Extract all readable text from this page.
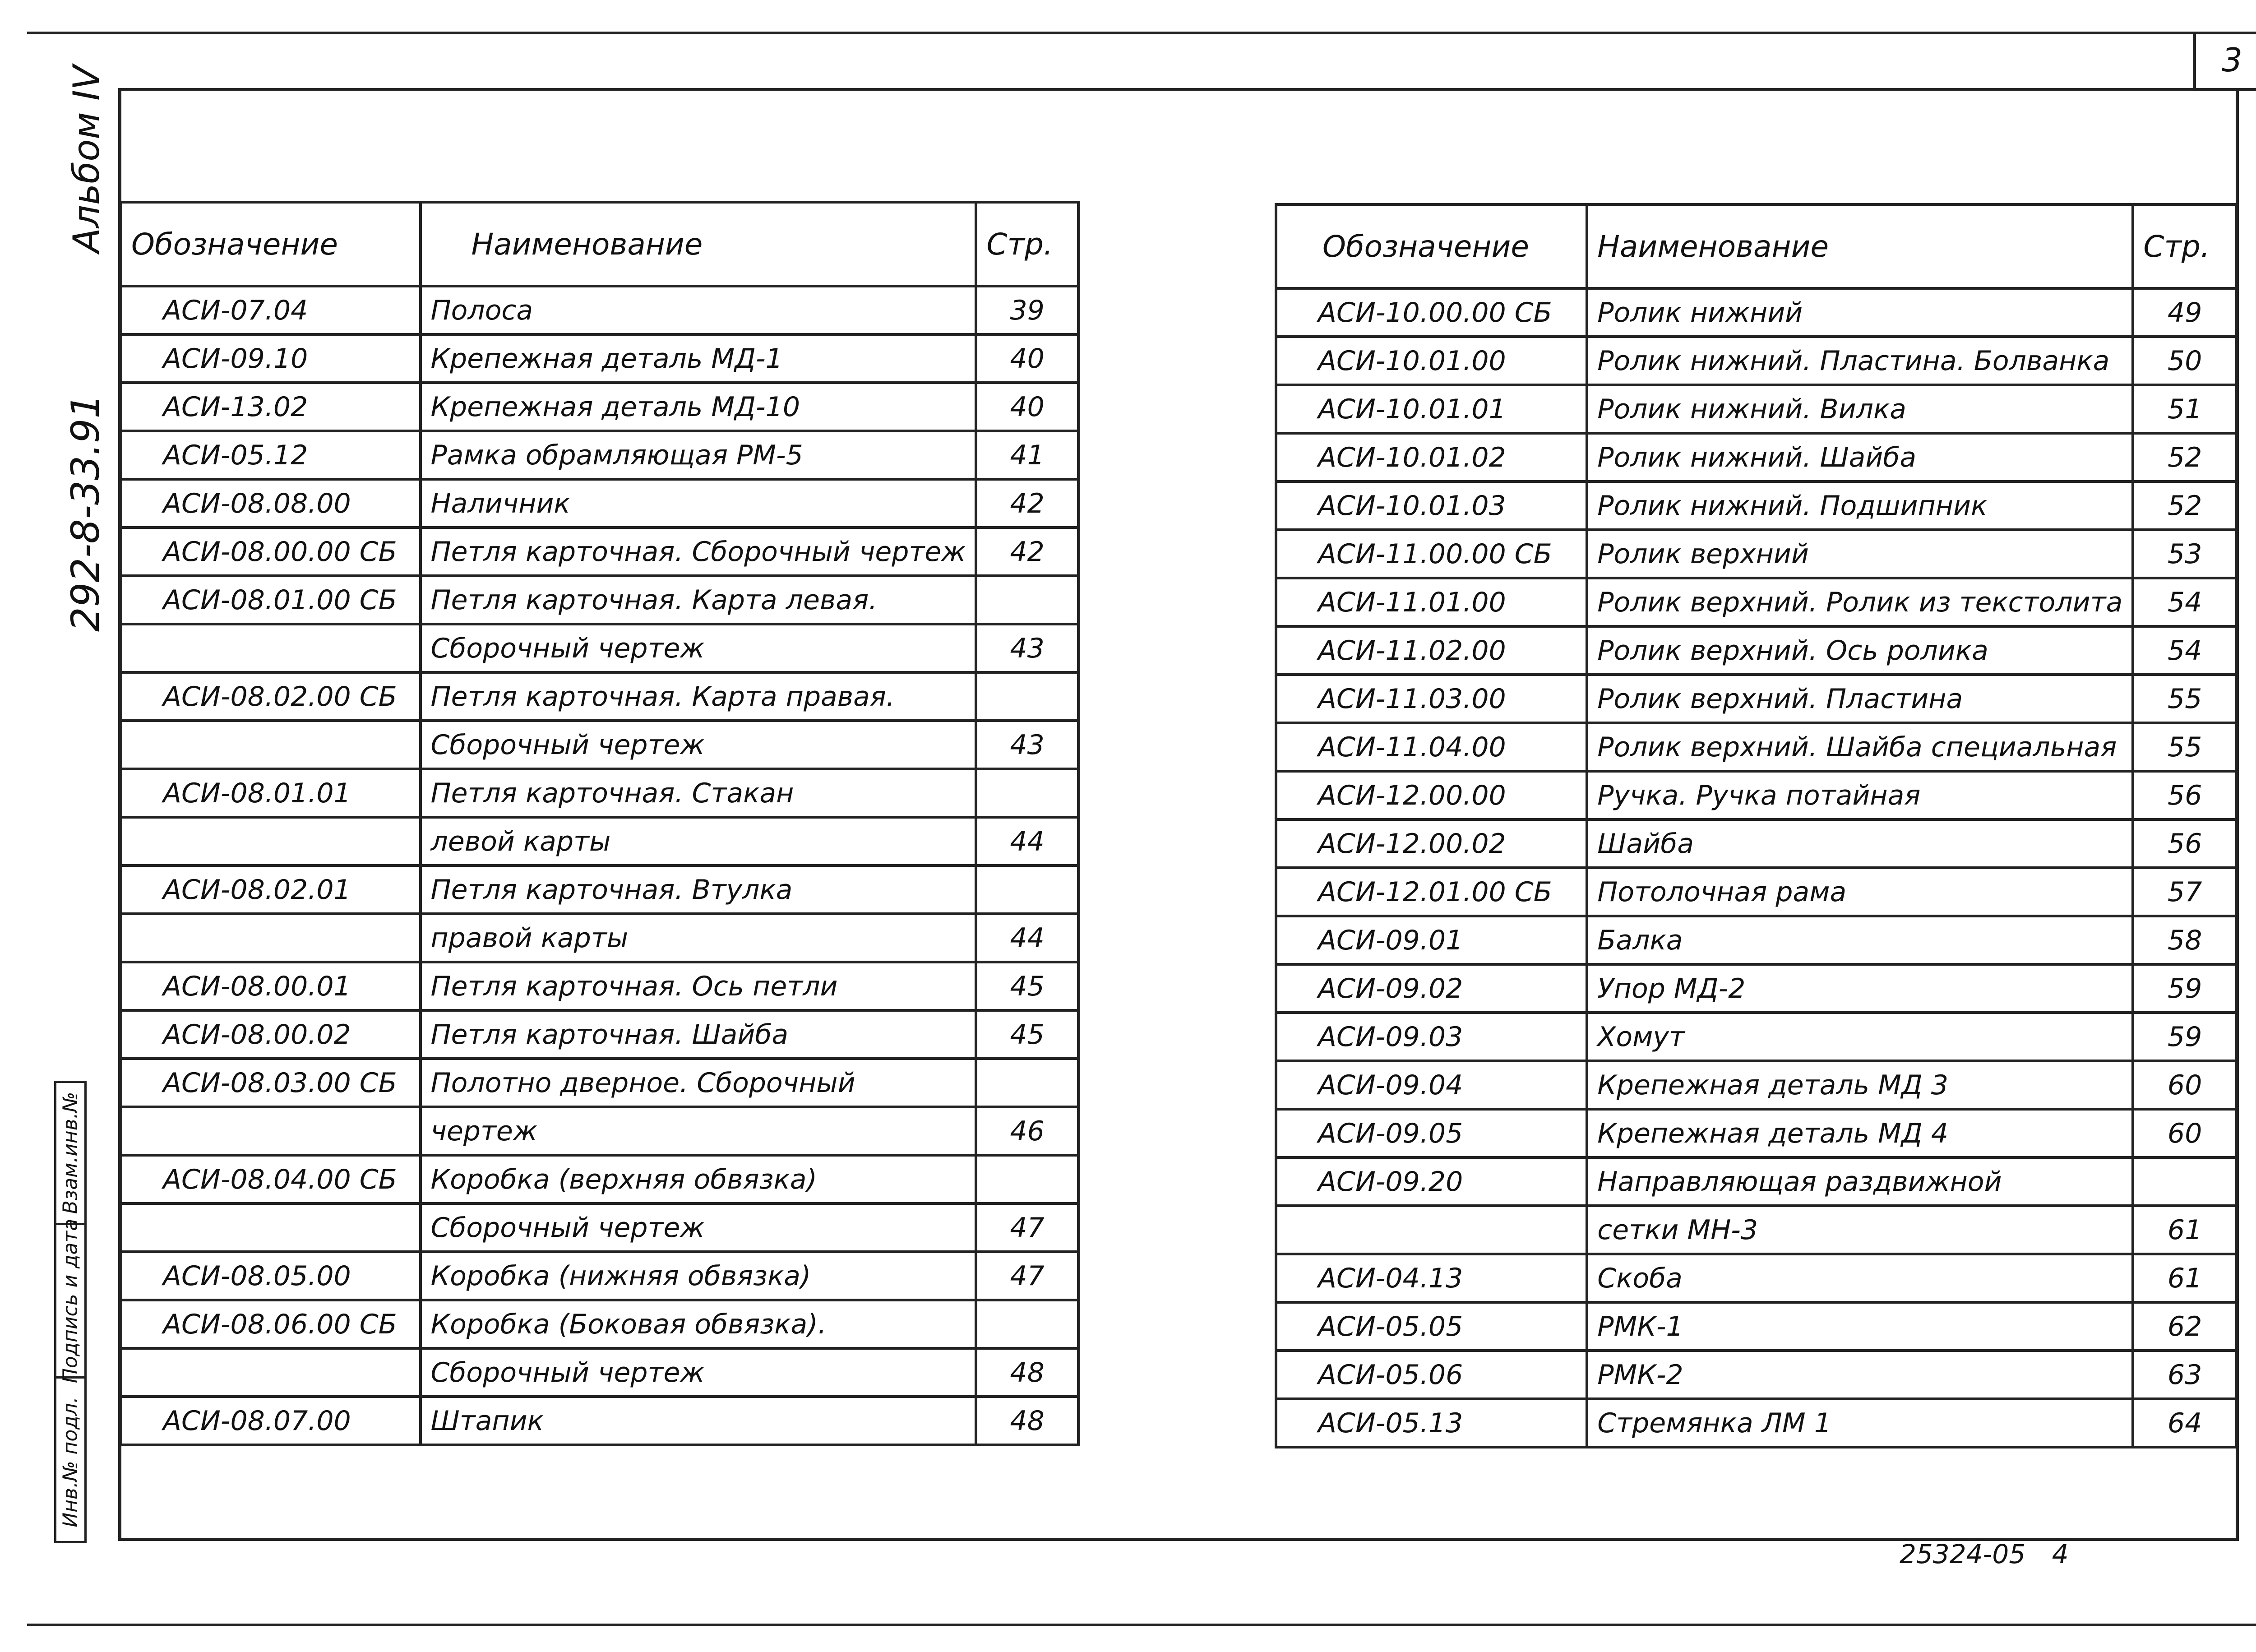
3
Альбом IV
292-8-33.91
Инв.№ подл.
Подпись и дата
Взам.инв.№
Обозначение	Наименование	Стр.
АСИ-07.04	Полоса	39
АСИ-09.10	Крепежная деталь МД-1	40
АСИ-13.02	Крепежная деталь МД-10	40
АСИ-05.12	Рамка обрамляющая РМ-5	41
АСИ-08.08.00	Наличник	42
АСИ-08.00.00 СБ	Петля карточная. Сборочный чертеж	42
АСИ-08.01.00 СБ	Петля карточная. Карта левая.	
	Сборочный чертеж	43
АСИ-08.02.00 СБ	Петля карточная. Карта правая.	
	Сборочный чертеж	43
АСИ-08.01.01	Петля карточная. Стакан	
	левой карты	44
АСИ-08.02.01	Петля карточная. Втулка	
	правой карты	44
АСИ-08.00.01	Петля карточная. Ось петли	45
АСИ-08.00.02	Петля карточная. Шайба	45
АСИ-08.03.00 СБ	Полотно дверное. Сборочный	
	чертеж	46
АСИ-08.04.00 СБ	Коробка (верхняя обвязка)	
	Сборочный чертеж	47
АСИ-08.05.00	Коробка (нижняя обвязка)	47
АСИ-08.06.00 СБ	Коробка (Боковая обвязка).	
	Сборочный чертеж	48
АСИ-08.07.00	Штапик	48
Обозначение	Наименование	Стр.
АСИ-10.00.00 СБ	Ролик нижний	49
АСИ-10.01.00	Ролик нижний. Пластина. Болванка	50
АСИ-10.01.01	Ролик нижний. Вилка	51
АСИ-10.01.02	Ролик нижний. Шайба	52
АСИ-10.01.03	Ролик нижний. Подшипник	52
АСИ-11.00.00 СБ	Ролик верхний	53
АСИ-11.01.00	Ролик верхний. Ролик из текстолита	54
АСИ-11.02.00	Ролик верхний. Ось ролика	54
АСИ-11.03.00	Ролик верхний. Пластина	55
АСИ-11.04.00	Ролик верхний. Шайба специальная	55
АСИ-12.00.00	Ручка. Ручка потайная	56
АСИ-12.00.02	Шайба	56
АСИ-12.01.00 СБ	Потолочная рама	57
АСИ-09.01	Балка	58
АСИ-09.02	Упор МД-2	59
АСИ-09.03	Хомут	59
АСИ-09.04	Крепежная деталь МД 3	60
АСИ-09.05	Крепежная деталь МД 4	60
АСИ-09.20	Направляющая раздвижной	
	сетки МН-3	61
АСИ-04.13	Скоба	61
АСИ-05.05	РМК-1	62
АСИ-05.06	РМК-2	63
АСИ-05.13	Стремянка ЛМ 1	64
25324-05 4
